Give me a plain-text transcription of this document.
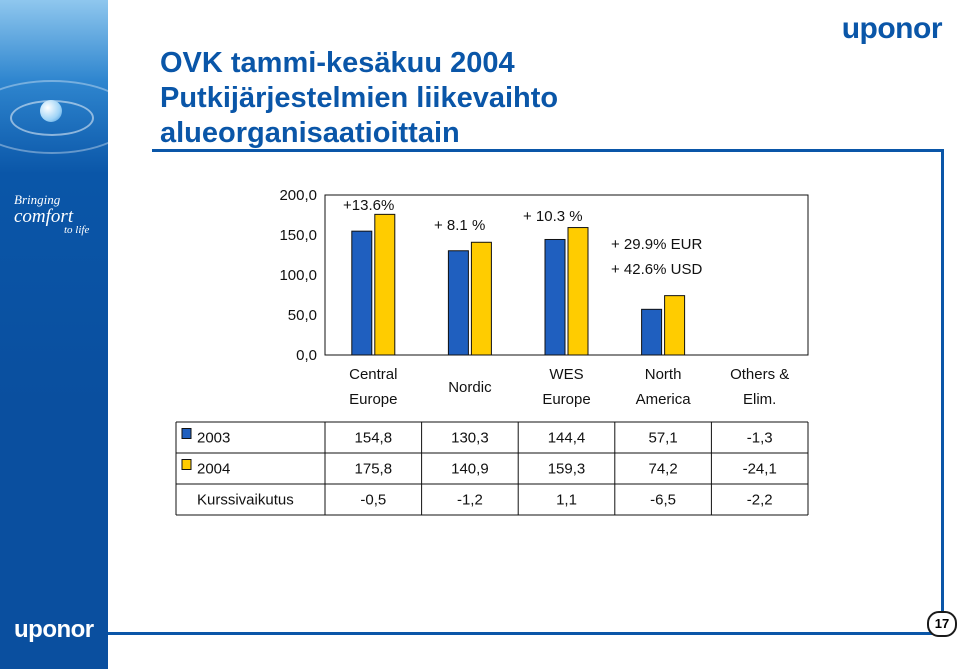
Bringing
comfort
to life
uponor
uponor
OVK tammi-kesäkuu 2004
Putkijärjestelmien liikevaihto
alueorganisaatioittain
17
0,0
50,0
100,0
150,0
200,0
Central
Europe
Nordic
WES
Europe
North
America
Others &
Elim.
+13.6%
+ 8.1 %
+ 10.3 %
+ 29.9% EUR
+ 42.6% USD
2003	154,8	130,3	144,4	57,1	-1,3
2004	175,8	140,9	159,3	74,2	-24,1
Kurssivaikutus	-0,5	-1,2	1,1	-6,5	-2,2
